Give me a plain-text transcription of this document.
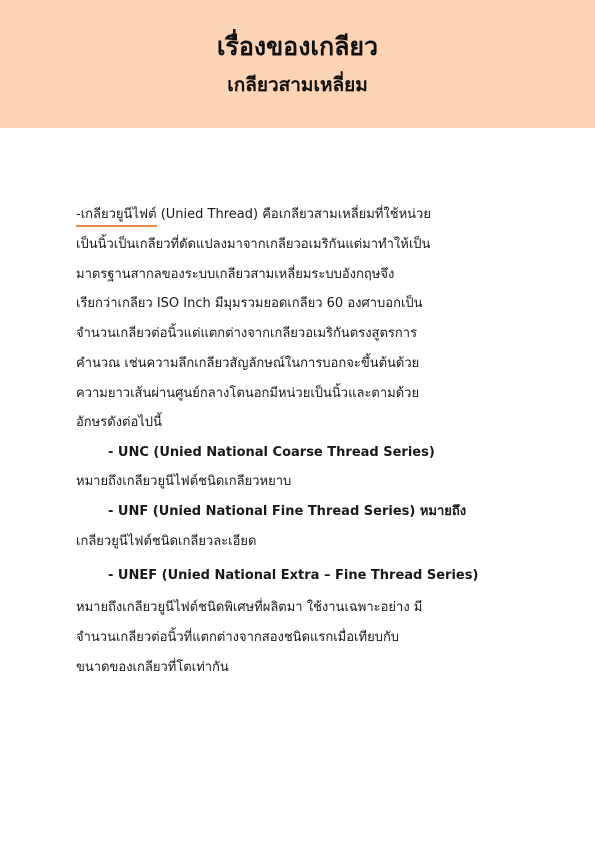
เรื่องของเกลียว
เกลียวสามเหลี่ยม
-เกลียวยูนีไฟต์ (Unied Thread) คือเกลียวสามเหลี่ยมที่ใช้หน่วย
เป็นนิ้วเป็นเกลียวที่ดัดแปลงมาจากเกลียวอเมริกันแต่มาทำให้เป็น
มาตรฐานสากลของระบบเกลียวสามเหลี่ยมระบบอังกฤษจึง
เรียกว่าเกลียว ISO Inch มีมุมรวมยอดเกลียว 60 องศาบอกเป็น
จำนวนเกลียวต่อนิ้วแต่แตกต่างจากเกลียวอเมริกันตรงสูตรการ
คำนวณ เช่นความลึกเกลียวสัญลักษณ์ในการบอกจะขึ้นต้นด้วย
ความยาวเส้นผ่านศูนย์กลางโตนอกมีหน่วยเป็นนิ้วและตามด้วย
อักษรดังต่อไปนี้
- UNC (Unied National Coarse Thread Series)
หมายถึงเกลียวยูนีไฟต์ชนิดเกลียวหยาบ
- UNF (Unied National Fine Thread Series) หมายถึง
เกลียวยูนีไฟต์ชนิดเกลียวละเอียด
- UNEF (Unied National Extra – Fine Thread Series)
หมายถึงเกลียวยูนีไฟต์ชนิดพิเศษที่ผลิตมา ใช้งานเฉพาะอย่าง มี
จำนวนเกลียวต่อนิ้วที่แตกต่างจากสองชนิดแรกเมื่อเทียบกับ
ขนาดของเกลียวที่โตเท่ากัน
